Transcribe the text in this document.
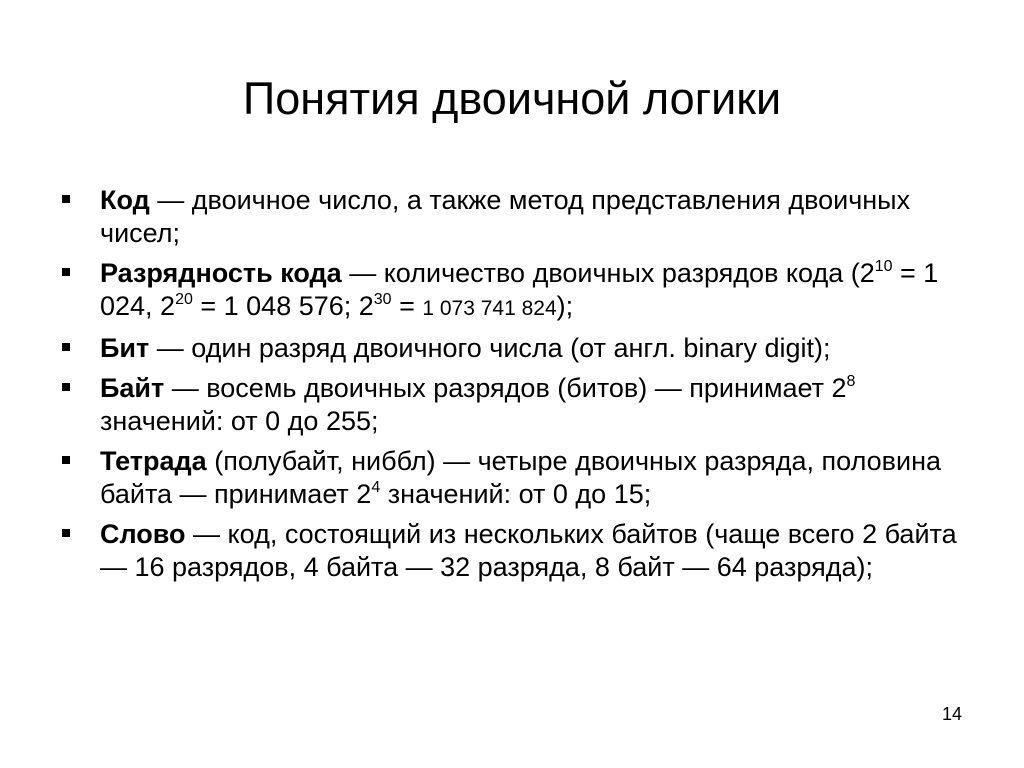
Понятия двоичной логики
Код — двоичное число, а также метод представления двоичных чисел;
Разрядность кода — количество двоичных разрядов кода ($2^{10} = 1$ 024, $2^{20} = 1$ 048 576; $2^{30} = 1$ 073 741 824);
Бит — один разряд двоичного числа (от англ. binary digit);
Байт — восемь двоичных разрядов (битов) — принимает $2^8$ значений: от 0 до 255;
Тетрада (полубайт, ниббл) — четыре двоичных разряда, половина байта — принимает $2^4$ значений: от 0 до 15;
Слово — код, состоящий из нескольких байтов (чаще всего 2 байта — 16 разрядов, 4 байта — 32 разряда, 8 байт — 64 разряда);
14
